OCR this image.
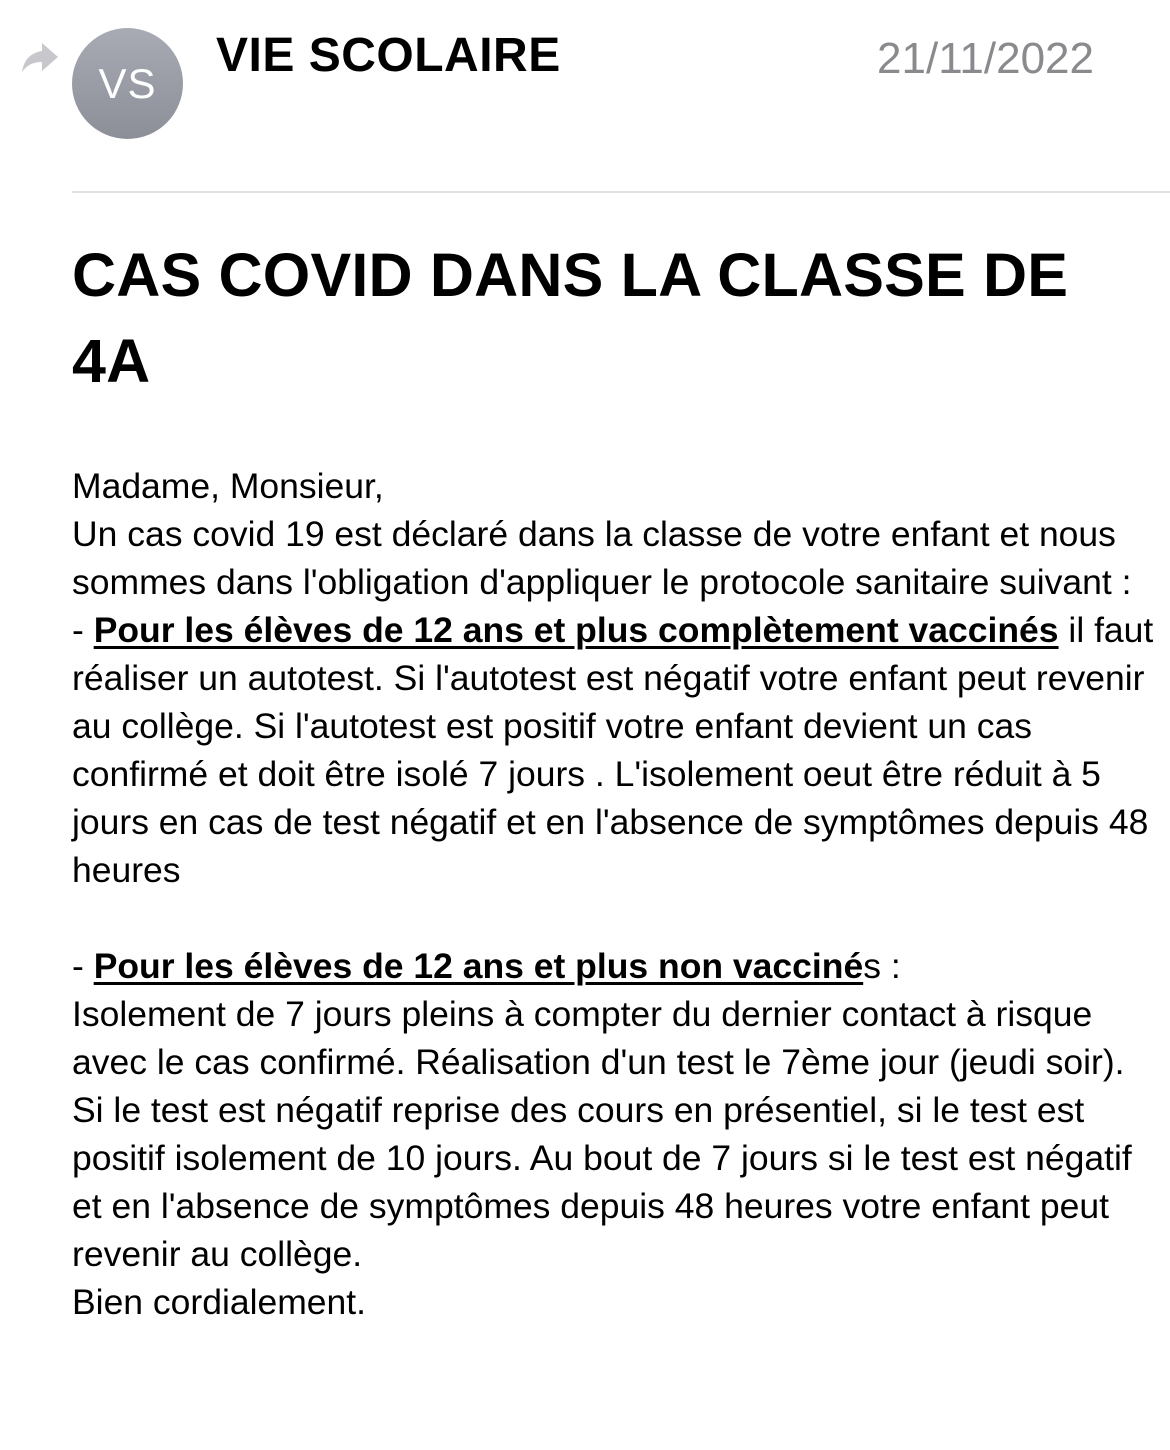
VS
VIE SCOLAIRE	21/11/2022
CAS COVID DANS LA CLASSE DE 4A

Madame, Monsieur,

Un cas covid 19 est déclaré dans la classe de votre enfant et nous sommes dans l'obligation d'appliquer le protocole sanitaire suivant :

- Pour les élèves de 12 ans et plus complètement vaccinés il faut réaliser un autotest. Si l'autotest est négatif votre enfant peut revenir au collège. Si l'autotest est positif votre enfant devient un cas confirmé et doit être isolé 7 jours . L'isolement oeut être réduit à 5 jours en cas de test négatif et en l'absence de symptômes depuis 48 heures

- Pour les élèves de 12 ans et plus non vaccinés :

Isolement de 7 jours pleins à compter du dernier contact à risque avec le cas confirmé. Réalisation d'un test le 7ème jour (jeudi soir).

Si le test est négatif reprise des cours en présentiel, si le test est positif isolement de 10 jours. Au bout de 7 jours si le test est négatif et en l'absence de symptômes depuis 48 heures votre enfant peut revenir au collège.

Bien cordialement.
